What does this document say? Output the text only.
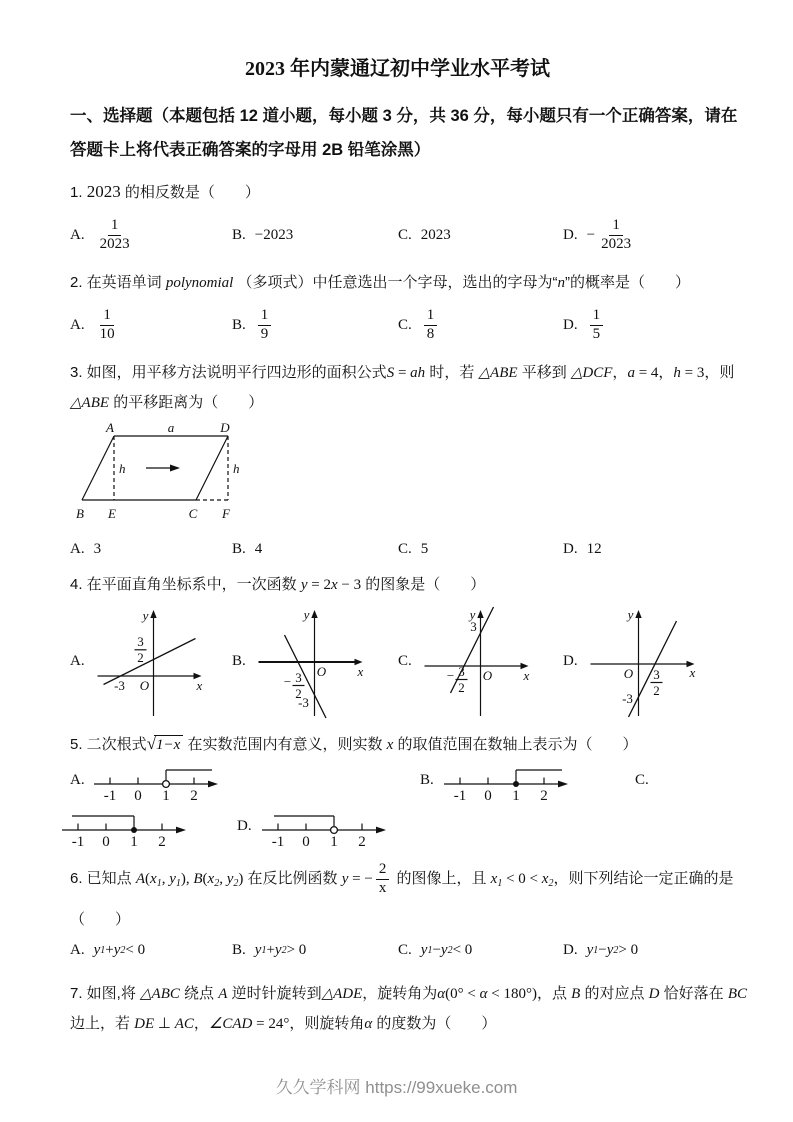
2023 年内蒙通辽初中学业水平考试
一、选择题（本题包括 12 道小题，每小题 3 分，共 36 分，每小题只有一个正确答案，请在
答题卡上将代表正确答案的字母用 2B 铅笔涂黑）
1. 2023 的相反数是（　　）
A. $\frac{1}{2023}$	B. −2023	C. 2023	D. − $\frac{1}{2023}$
2. 在英语单词 polynomial （多项式）中任意选出一个字母，选出的字母为“n”的概率是（　　）
A. $\frac{1}{10}$	B. $\frac{1}{9}$	C. $\frac{1}{8}$	D. $\frac{1}{5}$
3. 如图，用平移方法说明平行四边形的面积公式S = ah 时，若 △ABE 平移到 △DCF，a = 4，h = 3，则
△ABE 的平移距离为（　　）
A	a	D
h	h
B E	C F
A. 3	B. 4	C. 5	D. 12
4. 在平面直角坐标系中，一次函数 y = 2x − 3 的图象是（　　）
A.
y
x
O
-3
3
2	B.
y
x
O
− 3
2
-3
C.
y
x
O
3
− 3
2
D.
y
x
O 3
2
-3
5. 二次根式√1−x 在实数范围内有意义，则实数 x 的取值范围在数轴上表示为（　　）
A.
-1 0 1 2
B.
-1 0 1 2
C.
-1 0 1 2
D.
-1 0 1 2
6. 已知点 $A(x_1$, $y_1$), $B(x_2$, $y_2$) 在反比例函数 y = − $\frac{2}{x}$ 的图像上，且 $x_1 < 0 < x_2$，则下列结论一定正确的是
（　　）
A. y 1 + y 2 < 0	B. y 1 + y 2 > 0	C. y 1 − y 2 < 0	D. y 1 − y 2 > 0
7. 如图,将 △ABC 绕点 A 逆时针旋转到△ADE，旋转角为α(0° < α < 180°)，点 B 的对应点 D 恰好落在 BC
边上，若 DE ⊥ AC，∠CAD = 24°，则旋转角α 的度数为（　　）
久久学科网 https://99xueke.com
